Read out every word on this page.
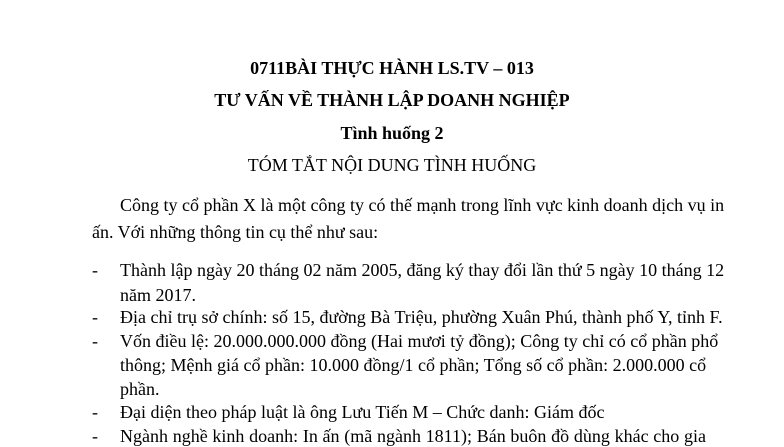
0711BÀI THỰC HÀNH LS.TV – 013
TƯ VẤN VỀ THÀNH LẬP DOANH NGHIỆP
Tình huống 2
TÓM TẮT NỘI DUNG TÌNH HUỐNG
Công ty cổ phần X là một công ty có thế mạnh trong lĩnh vực kinh doanh dịch vụ in
ấn. Với những thông tin cụ thể như sau:
- Thành lập ngày 20 tháng 02 năm 2005, đăng ký thay đổi lần thứ 5 ngày 10 tháng 12
năm 2017.
- Địa chỉ trụ sở chính: số 15, đường Bà Triệu, phường Xuân Phú, thành phố Y, tỉnh F.
- Vốn điều lệ: 20.000.000.000 đồng (Hai mươi tỷ đồng); Công ty chỉ có cổ phần phổ
thông; Mệnh giá cổ phần: 10.000 đồng/1 cổ phần; Tổng số cổ phần: 2.000.000 cổ
phần.
- Đại diện theo pháp luật là ông Lưu Tiến M – Chức danh: Giám đốc
- Ngành nghề kinh doanh: In ấn (mã ngành 1811); Bán buôn đồ dùng khác cho gia
